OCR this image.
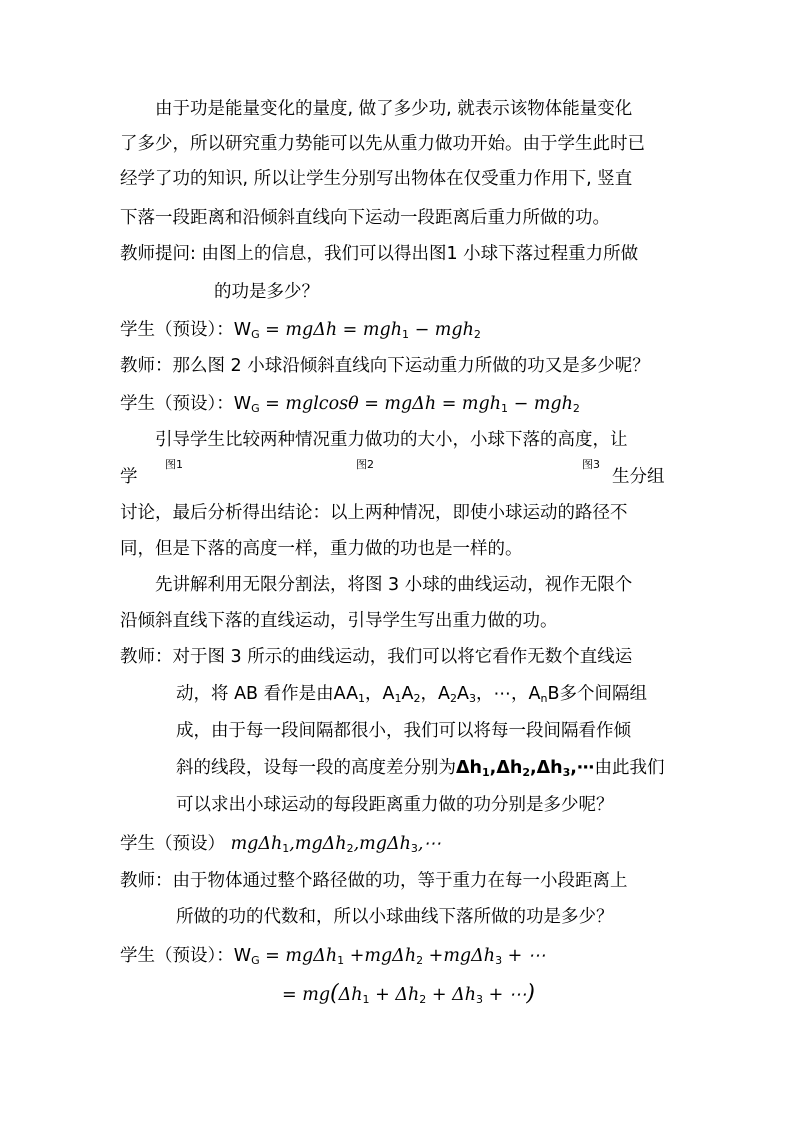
由于功是能量变化的量度, 做了多少功, 就表示该物体能量变化
了多少，所以研究重力势能可以先从重力做功开始。由于学生此时已
经学了功的知识, 所以让学生分别写出物体在仅受重力作用下, 竖直
下落一段距离和沿倾斜直线向下运动一段距离后重力所做的功。
教师提问: 由图上的信息，我们可以得出图1 小球下落过程重力所做
的功是多少？
学生（预设）：$W_G = mg\Delta h = mgh_1 - mgh_2$
教师：那么图 2 小球沿倾斜直线向下运动重力所做的功又是多少呢？
学生（预设）：$W_G = mglcos\theta = mg\Delta h = mgh_1 - mgh_2$
引导学生比较两种情况重力做功的大小，小球下落的高度，让
图1	图2	图3
学	生分组
讨论，最后分析得出结论：以上两种情况，即使小球运动的路径不
同，但是下落的高度一样，重力做的功也是一样的。
先讲解利用无限分割法，将图 3 小球的曲线运动，视作无限个
沿倾斜直线下落的直线运动，引导学生写出重力做的功。
教师：对于图 3 所示的曲线运动，我们可以将它看作无数个直线运
动，将 AB 看作是由$AA_1$，$A_1A_2$，$A_2A_3$，⋯，$A_nB$多个间隔组
成，由于每一段间隔都很小，我们可以将每一段间隔看作倾
斜的线段，设每一段的高度差分别为$\Delta h_1,\Delta h_2,\Delta h_3,\cdots$由此我们
可以求出小球运动的每段距离重力做的功分别是多少呢？
学生（预设） mgΔh$_1$,mgΔh$_2$,mgΔh$_3$,⋯
教师：由于物体通过整个路径做的功，等于重力在每一小段距离上
所做的功的代数和，所以小球曲线下落所做的功是多少？
学生（预设）：$W_G = mg\Delta h_1 +mg\Delta h_2 +mg\Delta h_3$ + ⋯
= $mg(\Delta h_1 + \Delta h_2 + \Delta h_3$ + ⋯)
